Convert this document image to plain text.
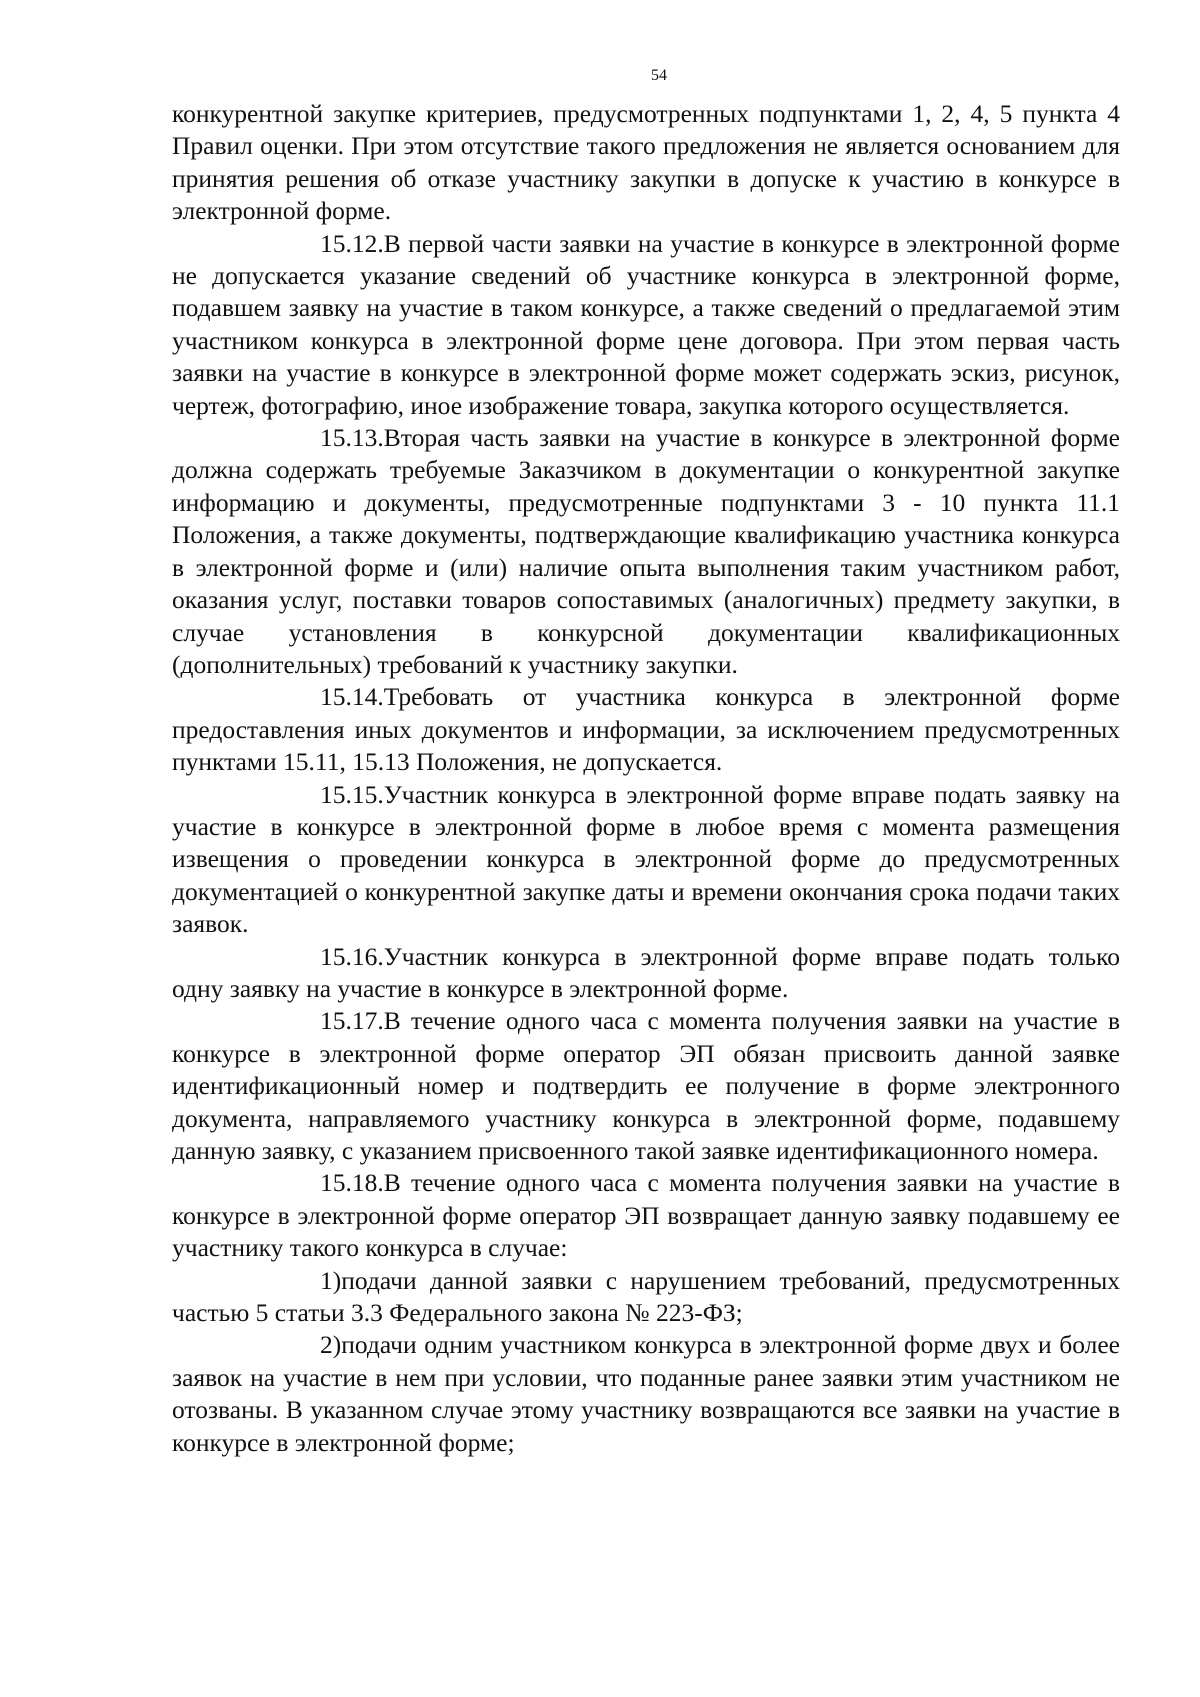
54

конкурентной закупке критериев, предусмотренных подпунктами 1, 2, 4, 5 пункта 4 Правил оценки. При этом отсутствие такого предложения не является основанием для принятия решения об отказе участнику закупки в допуске к участию в конкурсе в электронной форме.

15.12.В первой части заявки на участие в конкурсе в электронной форме не допускается указание сведений об участнике конкурса в электронной форме, подавшем заявку на участие в таком конкурсе, а также сведений о предлагаемой этим участником конкурса в электронной форме цене договора. При этом первая часть заявки на участие в конкурсе в электронной форме может содержать эскиз, рисунок, чертеж, фотографию, иное изображение товара, закупка которого осуществляется.

15.13.Вторая часть заявки на участие в конкурсе в электронной форме должна содержать требуемые Заказчиком в документации о конкурентной закупке информацию и документы, предусмотренные подпунктами 3 - 10 пункта 11.1 Положения, а также документы, подтверждающие квалификацию участника конкурса в электронной форме и (или) наличие опыта выполнения таким участником работ, оказания услуг, поставки товаров сопоставимых (аналогичных) предмету закупки, в случае установления в конкурсной документации квалификационных (дополнительных) требований к участнику закупки.

15.14.Требовать от участника конкурса в электронной форме предоставления иных документов и информации, за исключением предусмотренных пунктами 15.11, 15.13 Положения, не допускается.

15.15.Участник конкурса в электронной форме вправе подать заявку на участие в конкурсе в электронной форме в любое время с момента размещения извещения о проведении конкурса в электронной форме до предусмотренных документацией о конкурентной закупке даты и времени окончания срока подачи таких заявок.

15.16.Участник конкурса в электронной форме вправе подать только одну заявку на участие в конкурсе в электронной форме.

15.17.В течение одного часа с момента получения заявки на участие в конкурсе в электронной форме оператор ЭП обязан присвоить данной заявке идентификационный номер и подтвердить ее получение в форме электронного документа, направляемого участнику конкурса в электронной форме, подавшему данную заявку, с указанием присвоенного такой заявке идентификационного номера.

15.18.В течение одного часа с момента получения заявки на участие в конкурсе в электронной форме оператор ЭП возвращает данную заявку подавшему ее участнику такого конкурса в случае:

1)подачи данной заявки с нарушением требований, предусмотренных частью 5 статьи 3.3 Федерального закона № 223-ФЗ;

2)подачи одним участником конкурса в электронной форме двух и более заявок на участие в нем при условии, что поданные ранее заявки этим участником не отозваны. В указанном случае этому участнику возвращаются все заявки на участие в конкурсе в электронной форме;
